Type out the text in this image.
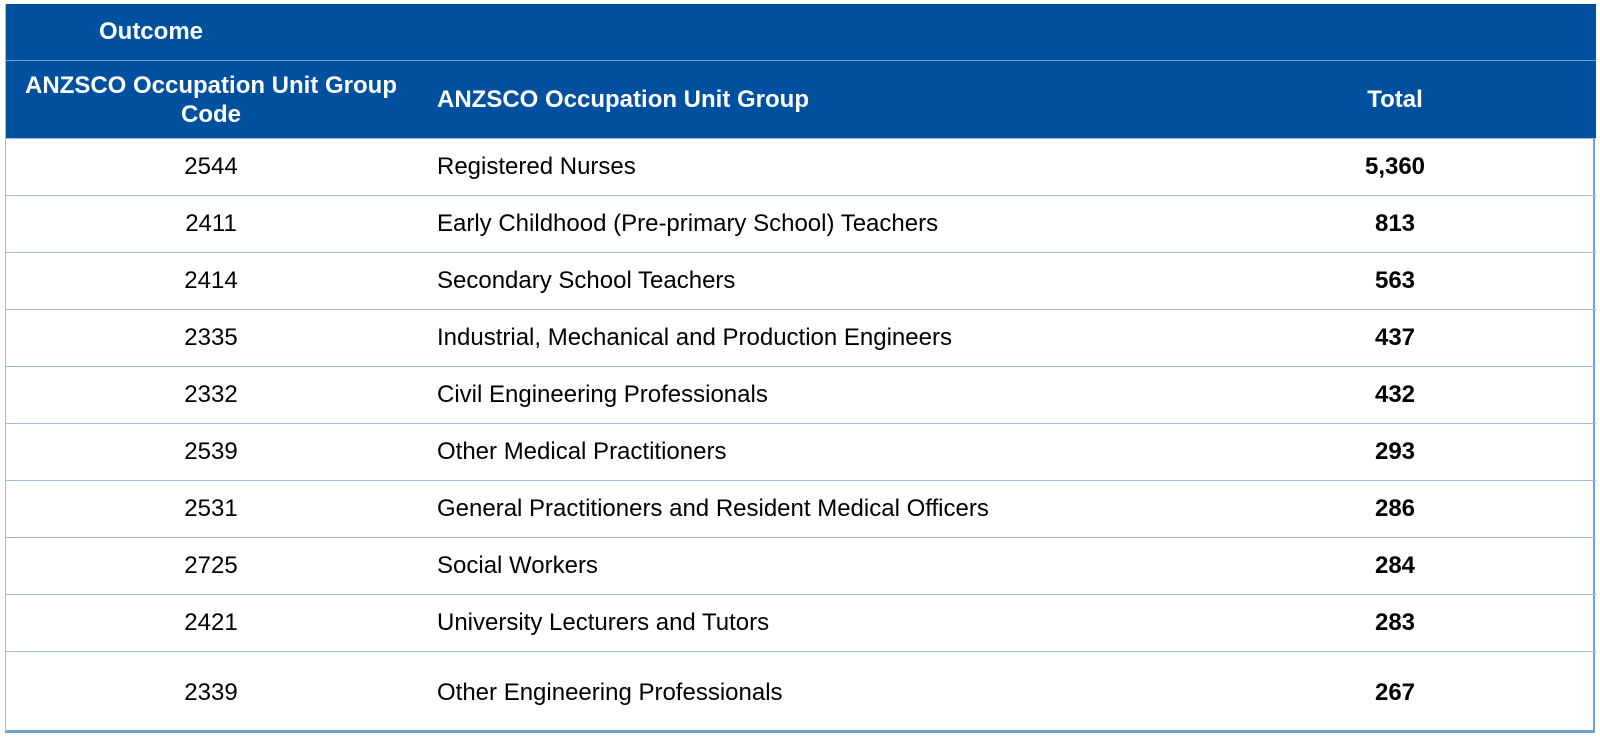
Outcome		
ANZSCO Occupation Unit Group Code	ANZSCO Occupation Unit Group	Total
2544	Registered Nurses	5,360
2411	Early Childhood (Pre-primary School) Teachers	813
2414	Secondary School Teachers	563
2335	Industrial, Mechanical and Production Engineers	437
2332	Civil Engineering Professionals	432
2539	Other Medical Practitioners	293
2531	General Practitioners and Resident Medical Officers	286
2725	Social Workers	284
2421	University Lecturers and Tutors	283
2339	Other Engineering Professionals	267
